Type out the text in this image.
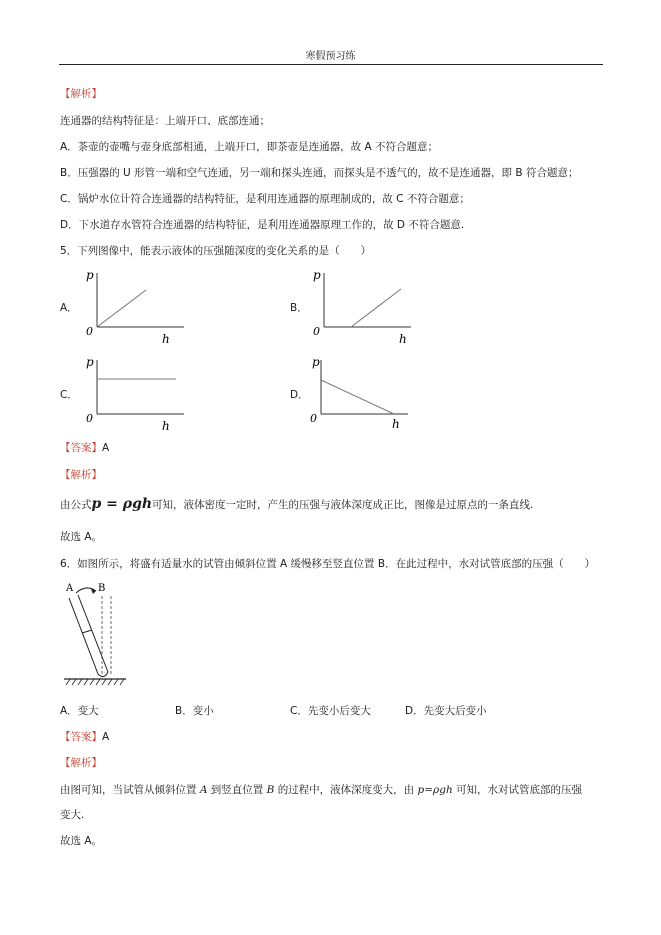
寒假预习练
【解析】
连通器的结构特征是：上端开口、底部连通；
A．茶壶的壶嘴与壶身底部相通，上端开口，即茶壶是连通器，故 A 不符合题意；
B．压强器的 U 形管一端和空气连通，另一端和探头连通，而探头是不透气的，故不是连通器，即 B 符合题意；
C．锅炉水位计符合连通器的结构特征，是利用连通器的原理制成的，故 C 不符合题意；
D．下水道存水管符合连通器的结构特征，是利用连通器原理工作的，故 D 不符合题意.
5．下列图像中，能表示液体的压强随深度的变化关系的是（　　）
A．
p
0
h
B．
p
0
h
C．
p
0
h
D．
p
0	h
【答案】A
【解析】
由公式p = ρgh可知，液体密度一定时，产生的压强与液体深度成正比，图像是过原点的一条直线.
故选 A。
6．如图所示，将盛有适量水的试管由倾斜位置 A 缓慢移至竖直位置 B．在此过程中，水对试管底部的压强（　　）
A B
A．变大	B．变小	C．先变小后变大	D．先变大后变小
【答案】A
【解析】
由图可知，当试管从倾斜位置 A 到竖直位置 B 的过程中，液体深度变大，由 p=ρgh 可知，水对试管底部的压强
变大.
故选 A。
